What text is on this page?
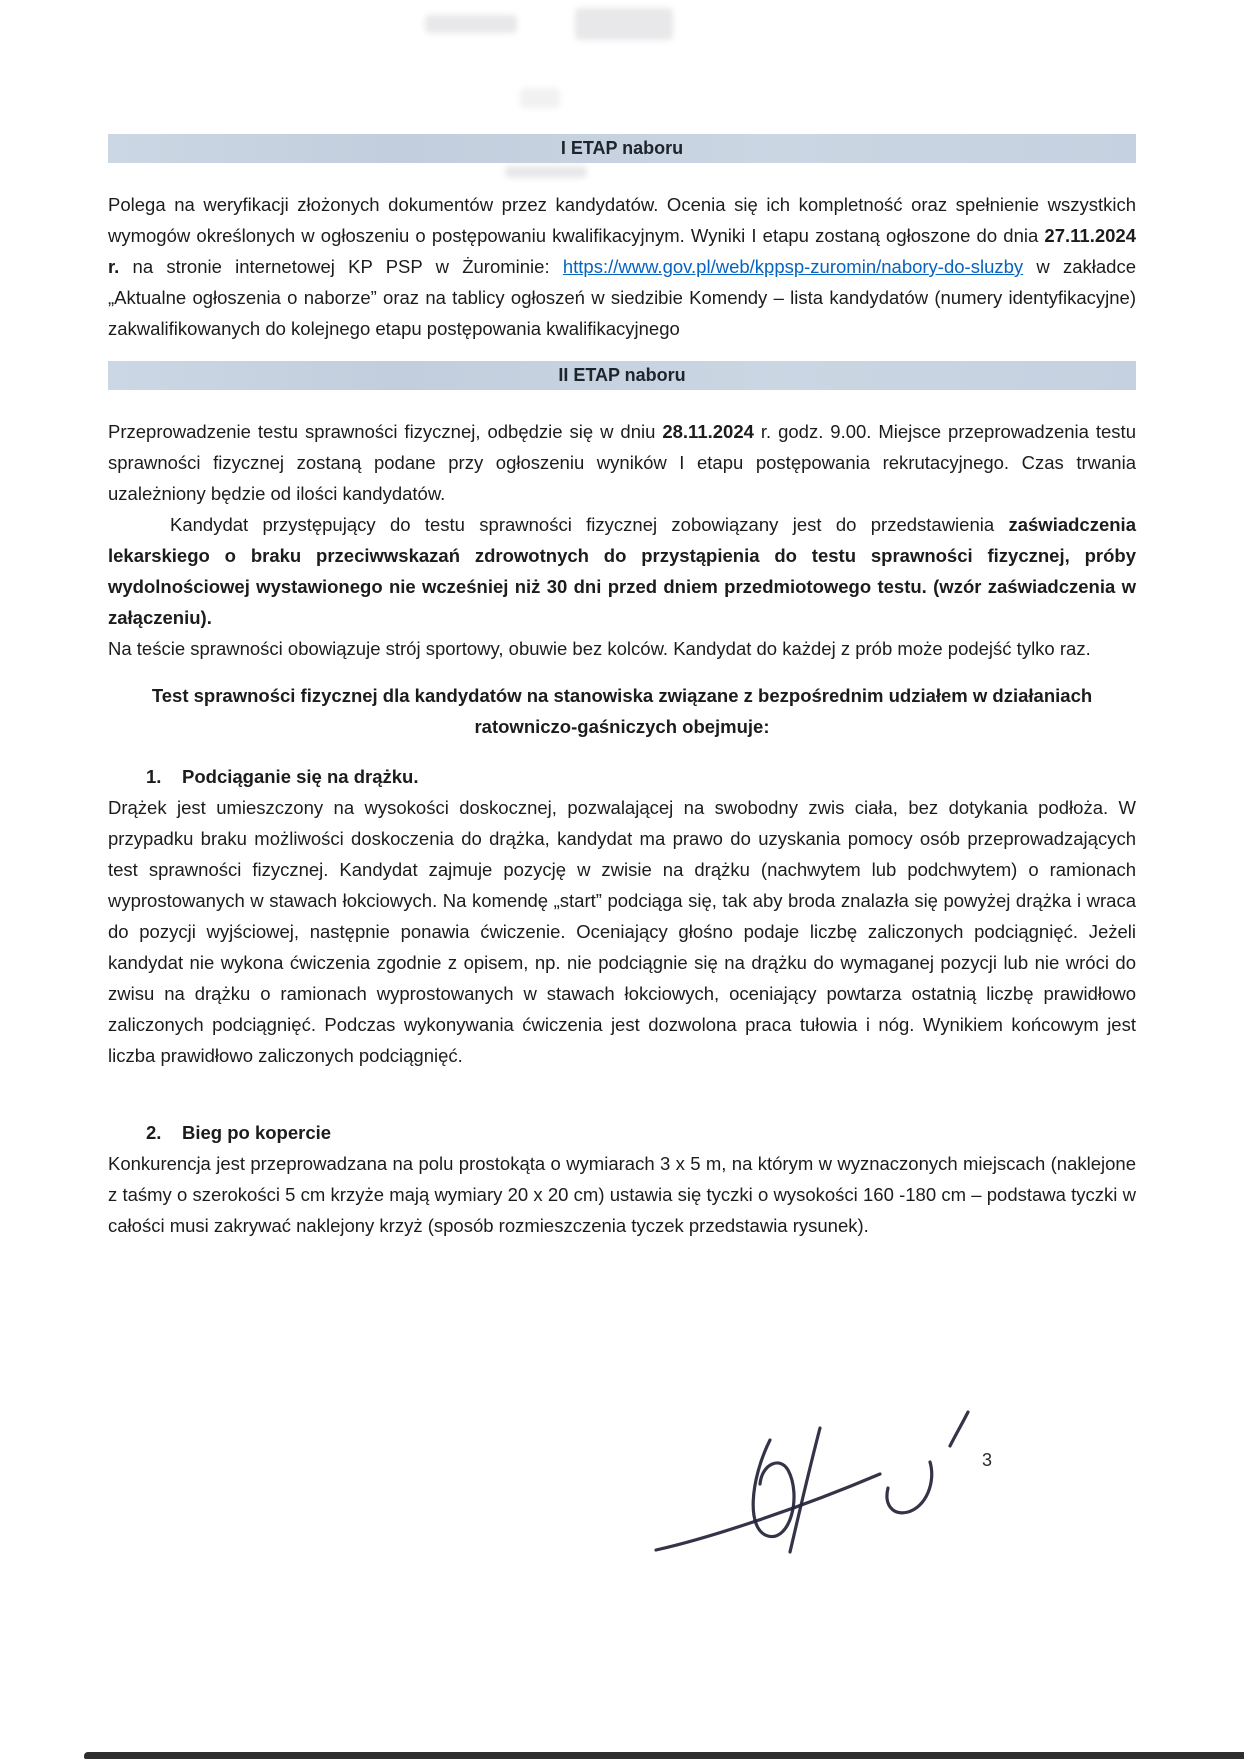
I ETAP naboru

Polega na weryfikacji złożonych dokumentów przez kandydatów. Ocenia się ich kompletność oraz spełnienie wszystkich wymogów określonych w ogłoszeniu o postępowaniu kwalifikacyjnym. Wyniki I etapu zostaną ogłoszone do dnia 27.11.2024 r. na stronie internetowej KP PSP w Żurominie: https://www.gov.pl/web/kppsp-zuromin/nabory-do-sluzby w zakładce „Aktualne ogłoszenia o naborze” oraz na tablicy ogłoszeń w siedzibie Komendy – lista kandydatów (numery identyfikacyjne) zakwalifikowanych do kolejnego etapu postępowania kwalifikacyjnego

II ETAP naboru

Przeprowadzenie testu sprawności fizycznej, odbędzie się w dniu 28.11.2024 r. godz. 9.00. Miejsce przeprowadzenia testu sprawności fizycznej zostaną podane przy ogłoszeniu wyników I etapu postępowania rekrutacyjnego. Czas trwania uzależniony będzie od ilości kandydatów.

Kandydat przystępujący do testu sprawności fizycznej zobowiązany jest do przedstawienia zaświadczenia lekarskiego o braku przeciwwskazań zdrowotnych do przystąpienia do testu sprawności fizycznej, próby wydolnościowej wystawionego nie wcześniej niż 30 dni przed dniem przedmiotowego testu. (wzór zaświadczenia w załączeniu).

Na teście sprawności obowiązuje strój sportowy, obuwie bez kolców. Kandydat do każdej z prób może podejść tylko raz.

Test sprawności fizycznej dla kandydatów na stanowiska związane z bezpośrednim udziałem w działaniach ratowniczo-gaśniczych obejmuje:

1.	Podciąganie się na drążku.

Drążek jest umieszczony na wysokości doskocznej, pozwalającej na swobodny zwis ciała, bez dotykania podłoża. W przypadku braku możliwości doskoczenia do drążka, kandydat ma prawo do uzyskania pomocy osób przeprowadzających test sprawności fizycznej. Kandydat zajmuje pozycję w zwisie na drążku (nachwytem lub podchwytem) o ramionach wyprostowanych w stawach łokciowych. Na komendę „start” podciąga się, tak aby broda znalazła się powyżej drążka i wraca do pozycji wyjściowej, następnie ponawia ćwiczenie. Oceniający głośno podaje liczbę zaliczonych podciągnięć. Jeżeli kandydat nie wykona ćwiczenia zgodnie z opisem, np. nie podciągnie się na drążku do wymaganej pozycji lub nie wróci do zwisu na drążku o ramionach wyprostowanych w stawach łokciowych, oceniający powtarza ostatnią liczbę prawidłowo zaliczonych podciągnięć. Podczas wykonywania ćwiczenia jest dozwolona praca tułowia i nóg. Wynikiem końcowym jest liczba prawidłowo zaliczonych podciągnięć.

2.	Bieg po kopercie

Konkurencja jest przeprowadzana na polu prostokąta o wymiarach 3 x 5 m, na którym w wyznaczonych miejscach (naklejone z taśmy o szerokości 5 cm krzyże mają wymiary 20 x 20 cm) ustawia się tyczki o wysokości 160 -180 cm – podstawa tyczki w całości musi zakrywać naklejony krzyż (sposób rozmieszczenia tyczek przedstawia rysunek).

3
